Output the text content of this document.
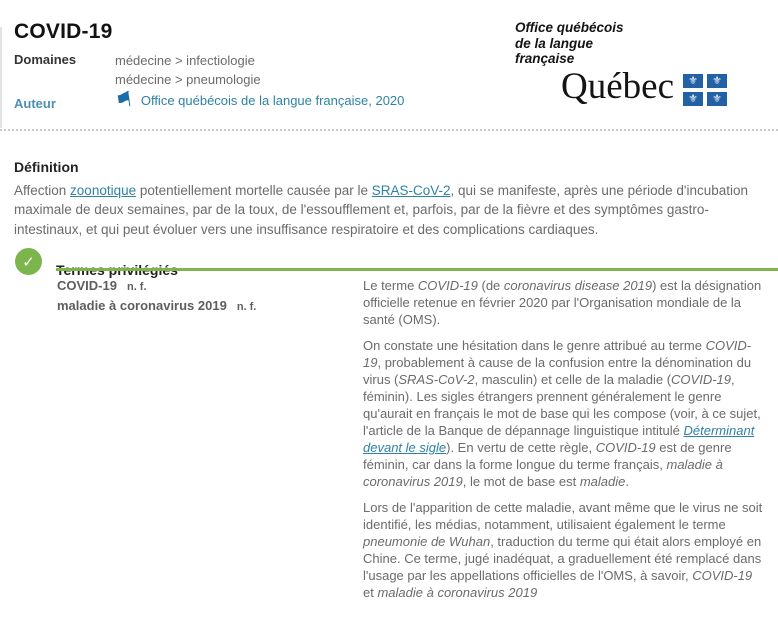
COVID-19	Office québécois
de la langue
française
Québec	⚜	⚜
⚜	⚜
Domaines	médecine > infectiologie
médecine > pneumologie
Auteur	⚑ Office québécois de la langue française, 2020
Définition

Affection zoonotique potentiellement mortelle causée par le SRAS-CoV-2, qui se manifeste, après une période d'incubation maximale de deux semaines, par de la toux, de l'essoufflement et, parfois, par de la fièvre et des symptômes gastro-intestinaux, et qui peut évoluer vers une insuffisance respiratoire et des complications cardiaques.

✓
COVID-19 n. f.
maladie à coronavirus 2019 n. f.

Le terme COVID-19 (de coronavirus disease 2019) est la désignation officielle retenue en février 2020 par l'Organisation mondiale de la santé (OMS).

On constate une hésitation dans le genre attribué au terme COVID-19, probablement à cause de la confusion entre la dénomination du virus (SRAS-CoV-2, masculin) et celle de la maladie (COVID-19, féminin). Les sigles étrangers prennent généralement le genre qu'aurait en français le mot de base qui les compose (voir, à ce sujet, l'article de la Banque de dépannage linguistique intitulé Déterminant devant le sigle). En vertu de cette règle, COVID-19 est de genre féminin, car dans la forme longue du terme français, maladie à coronavirus 2019, le mot de base est maladie.

Lors de l'apparition de cette maladie, avant même que le virus ne soit identifié, les médias, notamment, utilisaient également le terme pneumonie de Wuhan, traduction du terme qui était alors employé en Chine. Ce terme, jugé inadéquat, a graduellement été remplacé dans l'usage par les appellations officielles de l'OMS, à savoir, COVID-19 et maladie à coronavirus 2019
